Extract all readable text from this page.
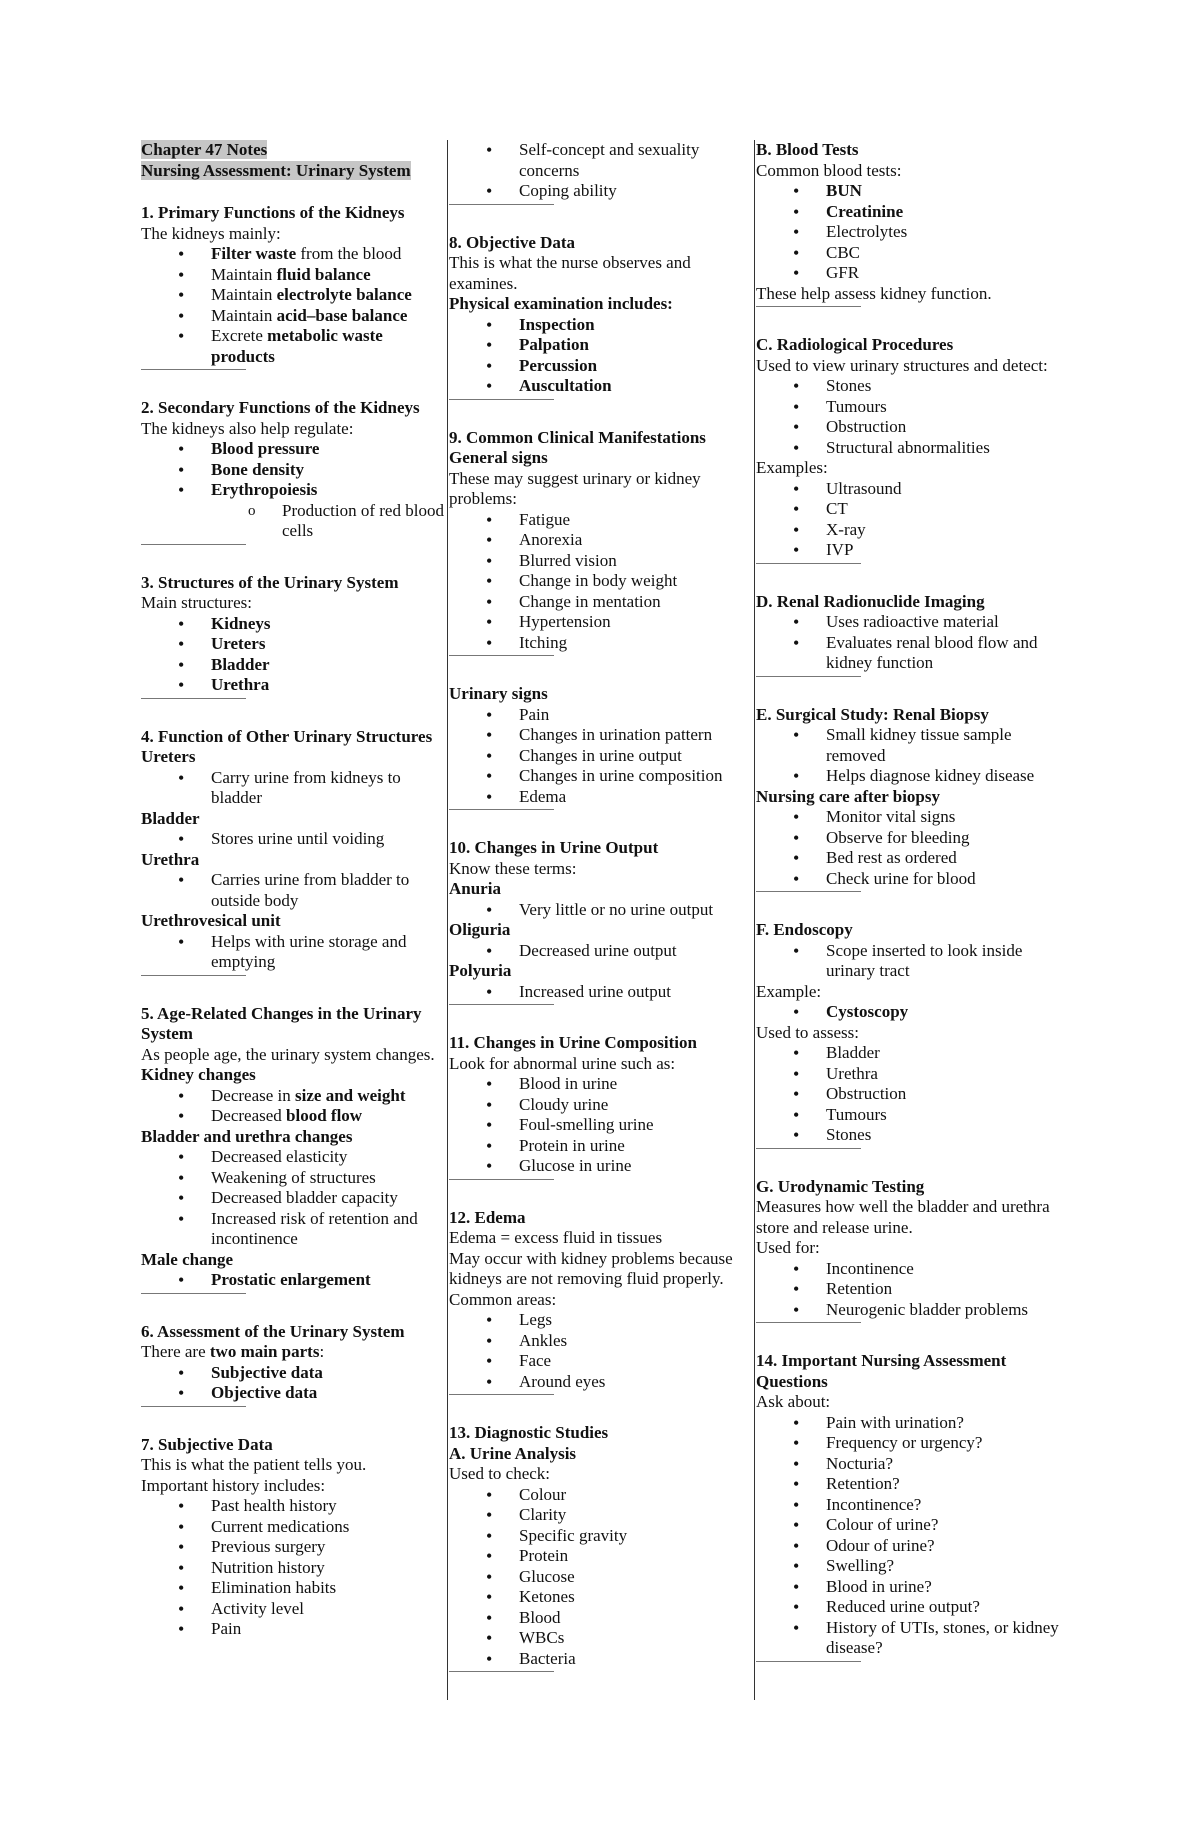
Chapter 47 Notes
Nursing Assessment: Urinary System
1. Primary Functions of the Kidneys
The kidneys mainly:
• Filter waste from the blood
• Maintain fluid balance
• Maintain electrolyte balance
• Maintain acid–base balance
• Excrete metabolic waste products
2. Secondary Functions of the Kidneys
The kidneys also help regulate:
• Blood pressure
• Bone density
• Erythropoiesis
o Production of red blood cells
3. Structures of the Urinary System
Main structures:
• Kidneys
• Ureters
• Bladder
• Urethra
4. Function of Other Urinary Structures
Ureters
• Carry urine from kidneys to bladder
Bladder
• Stores urine until voiding
Urethra
• Carries urine from bladder to outside body
Urethrovesical unit
• Helps with urine storage and emptying
5. Age-Related Changes in the Urinary System
As people age, the urinary system changes.
Kidney changes
• Decrease in size and weight
• Decreased blood flow
Bladder and urethra changes
• Decreased elasticity
• Weakening of structures
• Decreased bladder capacity
• Increased risk of retention and incontinence
Male change
• Prostatic enlargement
6. Assessment of the Urinary System
There are two main parts:
• Subjective data
• Objective data
7. Subjective Data
This is what the patient tells you.
Important history includes:
• Past health history
• Current medications
• Previous surgery
• Nutrition history
• Elimination habits
• Activity level
• Pain
• Self-concept and sexuality concerns
• Coping ability
8. Objective Data
This is what the nurse observes and examines.
Physical examination includes:
• Inspection
• Palpation
• Percussion
• Auscultation
9. Common Clinical Manifestations
General signs
These may suggest urinary or kidney problems:
• Fatigue
• Anorexia
• Blurred vision
• Change in body weight
• Change in mentation
• Hypertension
• Itching
Urinary signs
• Pain
• Changes in urination pattern
• Changes in urine output
• Changes in urine composition
• Edema
10. Changes in Urine Output
Know these terms:
Anuria
• Very little or no urine output
Oliguria
• Decreased urine output
Polyuria
• Increased urine output
11. Changes in Urine Composition
Look for abnormal urine such as:
• Blood in urine
• Cloudy urine
• Foul-smelling urine
• Protein in urine
• Glucose in urine
12. Edema
Edema = excess fluid in tissues
May occur with kidney problems because kidneys are not removing fluid properly.
Common areas:
• Legs
• Ankles
• Face
• Around eyes
13. Diagnostic Studies
A. Urine Analysis
Used to check:
• Colour
• Clarity
• Specific gravity
• Protein
• Glucose
• Ketones
• Blood
• WBCs
• Bacteria
B. Blood Tests
Common blood tests:
• BUN
• Creatinine
• Electrolytes
• CBC
• GFR
These help assess kidney function.
C. Radiological Procedures
Used to view urinary structures and detect:
• Stones
• Tumours
• Obstruction
• Structural abnormalities
Examples:
• Ultrasound
• CT
• X-ray
• IVP
D. Renal Radionuclide Imaging
• Uses radioactive material
• Evaluates renal blood flow and kidney function
E. Surgical Study: Renal Biopsy
• Small kidney tissue sample removed
• Helps diagnose kidney disease
Nursing care after biopsy
• Monitor vital signs
• Observe for bleeding
• Bed rest as ordered
• Check urine for blood
F. Endoscopy
• Scope inserted to look inside urinary tract
Example:
• Cystoscopy
Used to assess:
• Bladder
• Urethra
• Obstruction
• Tumours
• Stones
G. Urodynamic Testing
Measures how well the bladder and urethra store and release urine.
Used for:
• Incontinence
• Retention
• Neurogenic bladder problems
14. Important Nursing Assessment Questions
Ask about:
• Pain with urination?
• Frequency or urgency?
• Nocturia?
• Retention?
• Incontinence?
• Colour of urine?
• Odour of urine?
• Swelling?
• Blood in urine?
• Reduced urine output?
• History of UTIs, stones, or kidney disease?
